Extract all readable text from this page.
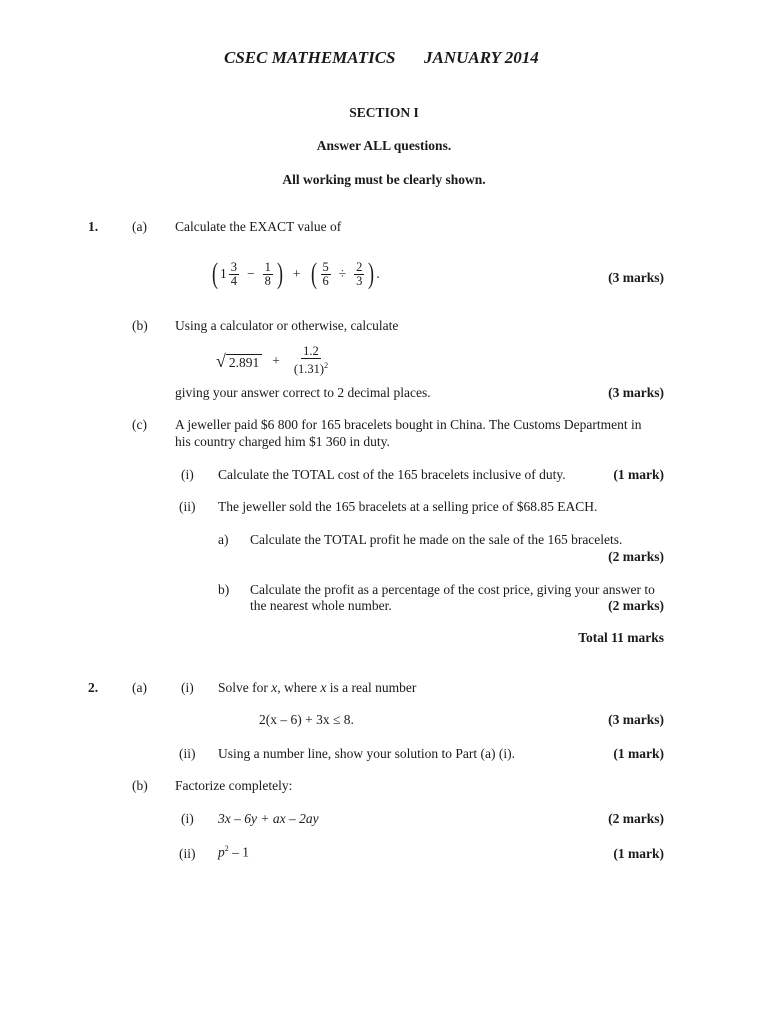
CSEC MATHEMATICS JANUARY 2014
SECTION I
Answer ALL questions.
All working must be clearly shown.
1.	(a) Calculate the EXACT value of
( $1 \frac{3}{4} - \frac{1}{8}$ ) + ( $\frac{5}{6} \div \frac{2}{3}$ ) .	(3 marks)
(b) Using a calculator or otherwise, calculate
√ $2.891 + \frac{1.2}{(1.31)^2}$
giving your answer correct to 2 decimal places.	(3 marks)
(c) A jeweller paid $6 800 for 165 bracelets bought in China. The Customs Department in
his country charged him $1 360 in duty.
(i) Calculate the TOTAL cost of the 165 bracelets inclusive of duty.	(1 mark)
(ii) The jeweller sold the 165 bracelets at a selling price of $68.85 EACH.
a) Calculate the TOTAL profit he made on the sale of the 165 bracelets.
(2 marks)
b) Calculate the profit as a percentage of the cost price, giving your answer to
the nearest whole number.	(2 marks)
Total 11 marks
2.	(a)	(i) Solve for x, where x is a real number
2(x – 6) + 3x ≤ 8.	(3 marks)
(ii) Using a number line, show your solution to Part (a) (i).	(1 mark)
(b) Factorize completely:
(i) 3x – 6y + ax – 2ay	(2 marks)
(ii) $p^2 - 1$	(1 mark)
